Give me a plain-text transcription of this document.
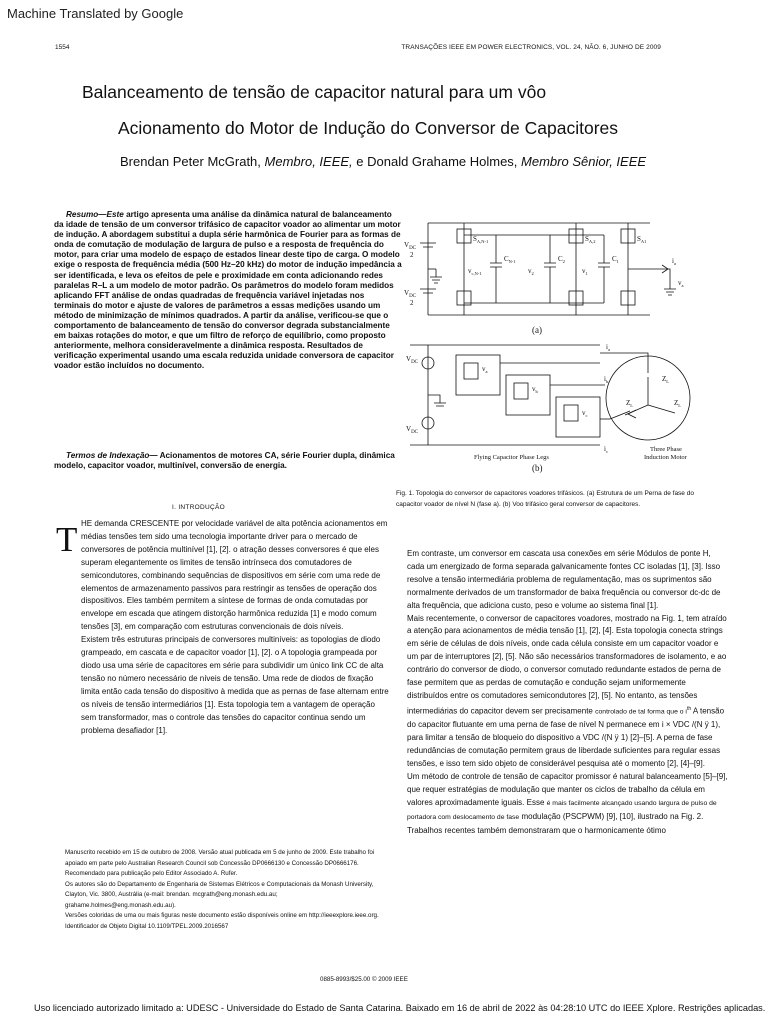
Machine Translated by Google
1554	TRANSAÇÕES IEEE EM POWER ELECTRONICS, VOL. 24, NÃO. 6, JUNHO DE 2009
Balanceamento de tensão de capacitor natural para um vôo
Acionamento do Motor de Indução do Conversor de Capacitores
Brendan Peter McGrath, Membro, IEEE, e Donald Grahame Holmes, Membro Sênior, IEEE
Resumo—Este artigo apresenta uma análise da dinâmica natural de balanceamento da idade de tensão de um conversor trifásico de capacitor voador ao alimentar um motor de indução. A abordagem substitui a dupla série harmônica de Fourier para as formas de onda de comutação de modulação de largura de pulso e a resposta de frequência do motor, para criar uma modelo de espaço de estados linear deste tipo de carga. O modelo exige o resposta de frequência média (500 Hz–20 kHz) do motor de indução impedância a ser identificada, e leva os efeitos de pele e proximidade em conta adicionando redes paralelas R–L a um modelo de motor padrão. Os parâmetros do modelo foram medidos aplicando FFT análise de ondas quadradas de frequência variável injetadas nos terminais do motor e ajuste de valores de parâmetros a essas medições usando um método de minimização de mínimos quadrados. A partir da análise, verificou-se que o comportamento de balanceamento de tensão do conversor degrada substancialmente em baixas rotações do motor, e que um filtro de reforço de equilíbrio, como proposto anteriormente, melhora consideravelmente a dinâmica resposta. Resultados de verificação experimental usando uma escala reduzida unidade conversora de capacitor voador estão incluídos no documento.
Termos de Indexação— Acionamentos de motores CA, série Fourier dupla, dinâmica modelo, capacitor voador, multinível, conversão de energia.
I. INTRODUÇÃO
T HE demanda CRESCENTE por velocidade variável de alta potência acionamentos em médias tensões tem sido uma tecnologia importante driver para o mercado de conversores de potência multinível [1], [2]. o atração desses conversores é que eles superam elegantemente os limites de tensão intrínseca dos comutadores de semicondutores, combinando sequências de dispositivos em série com uma rede de elementos de armazenamento passivos para restringir as tensões de operação dos dispositivos. Eles também permitem a síntese de formas de onda comutadas por envelope em escada que atingem distorção harmônica reduzida [1] e modo comum tensões [3], em comparação com estruturas convencionais de dois níveis.

Existem três estruturas principais de conversores multiníveis: as topologias de diodo grampeado, em cascata e de capacitor voador [1], [2]. o A topologia grampeada por diodo usa uma série de capacitores em série para subdividir um único link CC de alta tensão no número necessário de níveis de tensão. Uma rede de diodos de fixação limita então cada tensão do dispositivo à medida que as pernas de fase alternam entre os níveis de tensão intermediários [1]. Esta topologia tem a vantagem de operação sem transformador, mas o controle das tensões do capacitor continua sendo um problema desafiador [1].

Manuscrito recebido em 15 de outubro de 2008. Versão atual publicada em 5 de junho de 2009. Este trabalho foi apoiado em parte pelo Australian Research Council sob Concessão DP0666130 e Concessão DP0666176. Recomendado para publicação pelo Editor Associado A. Rufer.
Os autores são do Departamento de Engenharia de Sistemas Elétricos e Computacionais da Monash University, Clayton, Vic. 3800, Austrália (e-mail: brendan. mcgrath@eng.monash.edu.au; grahame.holmes@eng.monash.edu.au).
Versões coloridas de uma ou mais figuras neste documento estão disponíveis online em http://ieeexplore.ieee.org.
Identificador de Objeto Digital 10.1109/TPEL.2009.2016567
$V_{DC}$
2
$V_{DC}$
2
$S_{A,N-1}$	$S_{A,2}$	$S_{A1}$
$C_{N-1}$	$C_2$	$C_1$
$v_{c,N-1}$	$v_2$	$v_1$
$i_a$
$v_a$
(a)
$V_{DC}$
$V_{DC}$
$v_a$
$v_b$
$v_c$
$i_a$
$i_b$
$i_c$
$Z_L$
$Z_L$	$Z_L$
Flying Capacitor Phase Legs
Three Phase
Induction Motor
(b)
Fig. 1. Topologia do conversor de capacitores voadores trifásicos. (a) Estrutura de um Perna de fase do capacitor voador de nível N (fase a). (b) Voo trifásico geral conversor de capacitores.

Em contraste, um conversor em cascata usa conexões em série Módulos de ponte H, cada um energizado de forma separada galvanicamente fontes CC isoladas [1], [3]. Isso resolve a tensão intermediária problema de regulamentação, mas os suprimentos são normalmente derivados de um transformador de baixa frequência ou conversor dc-dc de alta frequência, que adiciona custo, peso e volume ao sistema final [1].

Mais recentemente, o conversor de capacitores voadores, mostrado na Fig. 1, tem atraído a atenção para acionamentos de média tensão [1], [2], [4]. Esta topologia conecta strings em série de células de dois níveis, onde cada célula consiste em um capacitor voador e um par de interruptores [2], [5]. Não são necessários transformadores de isolamento, e ao contrário do conversor de diodo, o conversor comutado redundante estados de perna de fase permitem que as perdas de comutação e condução sejam uniformemente distribuídos entre os comutadores semicondutores [2], [5]. No entanto, as tensões intermediárias do capacitor devem ser precisamente controlado de tal forma que o $i^{th}$ A tensão do capacitor flutuante em uma perna de fase de nível N permanece em i × VDC /(N ÿ 1), para limitar a tensão de bloqueio do dispositivo a VDC /(N ÿ 1) [2]–[5]. A perna de fase redundâncias de comutação permitem graus de liberdade suficientes para regular essas tensões, e isso tem sido objeto de considerável pesquisa até o momento [2], [4]–[9].

Um método de controle de tensão de capacitor promissor é natural balanceamento [5]–[9], que requer estratégias de modulação que manter os ciclos de trabalho da célula em valores aproximadamente iguais. Esse é mais facilmente alcançado usando largura de pulso de portadora com deslocamento de fase modulação (PSCPWM) [9], [10], ilustrado na Fig. 2. Trabalhos recentes também demonstraram que o harmonicamente ótimo

0885-8993/$25.00 © 2009 IEEE
Uso licenciado autorizado limitado a: UDESC - Universidade do Estado de Santa Catarina. Baixado em 16 de abril de 2022 às 04:28:10 UTC do IEEE Xplore. Restrições aplicadas.
